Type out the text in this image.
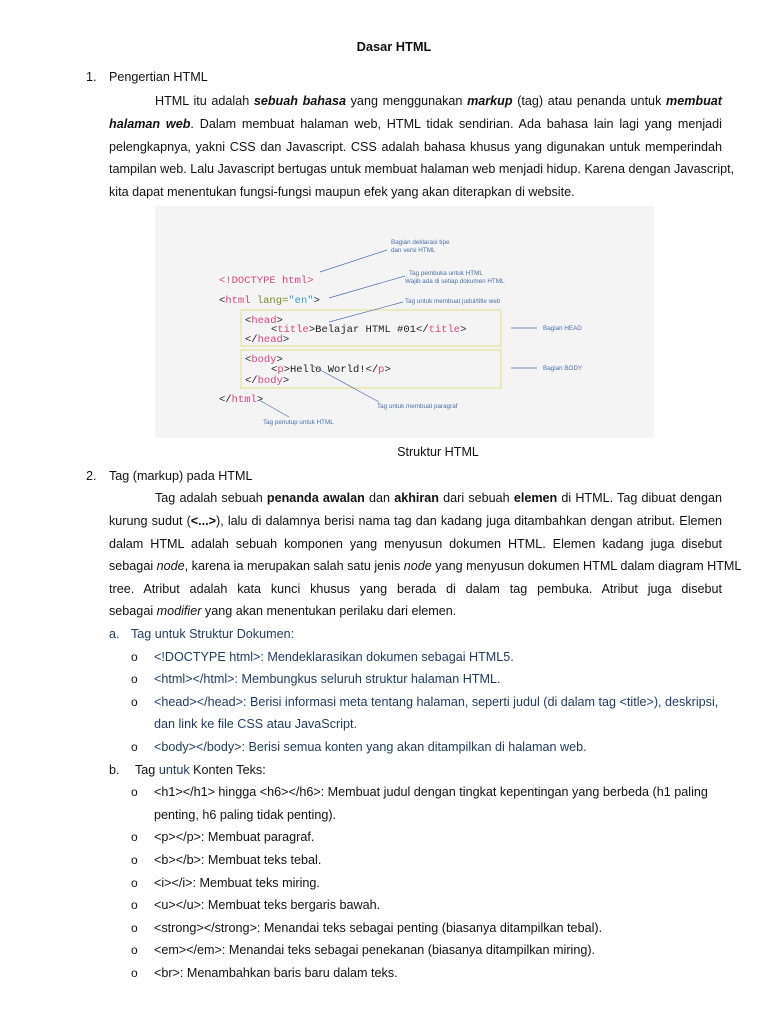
Dasar HTML
1. Pengertian HTML
HTML itu adalah sebuah bahasa yang menggunakan markup (tag) atau penanda untuk membuat
halaman web. Dalam membuat halaman web, HTML tidak sendirian. Ada bahasa lain lagi yang menjadi
pelengkapnya, yakni CSS dan Javascript. CSS adalah bahasa khusus yang digunakan untuk memperindah
tampilan web. Lalu Javascript bertugas untuk membuat halaman web menjadi hidup. Karena dengan Javascript,
kita dapat menentukan fungsi-fungsi maupun efek yang akan diterapkan di website.
<!DOCTYPE html>
<html lang="en">
<head>
<title>Belajar HTML #01</title>
</head>
<body>
<p>Hello World!</p>
</body>
</html>
Bagian deklarasi tipe
dan versi HTML
Tag pembuka untuk HTML
Wajib ada di setiap dokumen HTML
Tag untuk membuat judul/title web
Bagian HEAD
Bagian BODY
Tag untuk membuat paragraf
Tag penutup untuk HTML
Struktur HTML
2. Tag (markup) pada HTML
Tag adalah sebuah penanda awalan dan akhiran dari sebuah elemen di HTML. Tag dibuat dengan
kurung sudut (<...>), lalu di dalamnya berisi nama tag dan kadang juga ditambahkan dengan atribut. Elemen
dalam HTML adalah sebuah komponen yang menyusun dokumen HTML. Elemen kadang juga disebut
sebagai node, karena ia merupakan salah satu jenis node yang menyusun dokumen HTML dalam diagram HTML
tree. Atribut adalah kata kunci khusus yang berada di dalam tag pembuka. Atribut juga disebut
sebagai modifier yang akan menentukan perilaku dari elemen.
a. Tag untuk Struktur Dokumen:
o <!DOCTYPE html>: Mendeklarasikan dokumen sebagai HTML5.
o <html></html>: Membungkus seluruh struktur halaman HTML.
o <head></head>: Berisi informasi meta tentang halaman, seperti judul (di dalam tag <title>), deskripsi,
dan link ke file CSS atau JavaScript.
o <body></body>: Berisi semua konten yang akan ditampilkan di halaman web.
b. Tag untuk Konten Teks:
o <h1></h1> hingga <h6></h6>: Membuat judul dengan tingkat kepentingan yang berbeda (h1 paling
penting, h6 paling tidak penting).
o <p></p>: Membuat paragraf.
o <b></b>: Membuat teks tebal.
o <i></i>: Membuat teks miring.
o <u></u>: Membuat teks bergaris bawah.
o <strong></strong>: Menandai teks sebagai penting (biasanya ditampilkan tebal).
o <em></em>: Menandai teks sebagai penekanan (biasanya ditampilkan miring).
o <br>: Menambahkan baris baru dalam teks.
